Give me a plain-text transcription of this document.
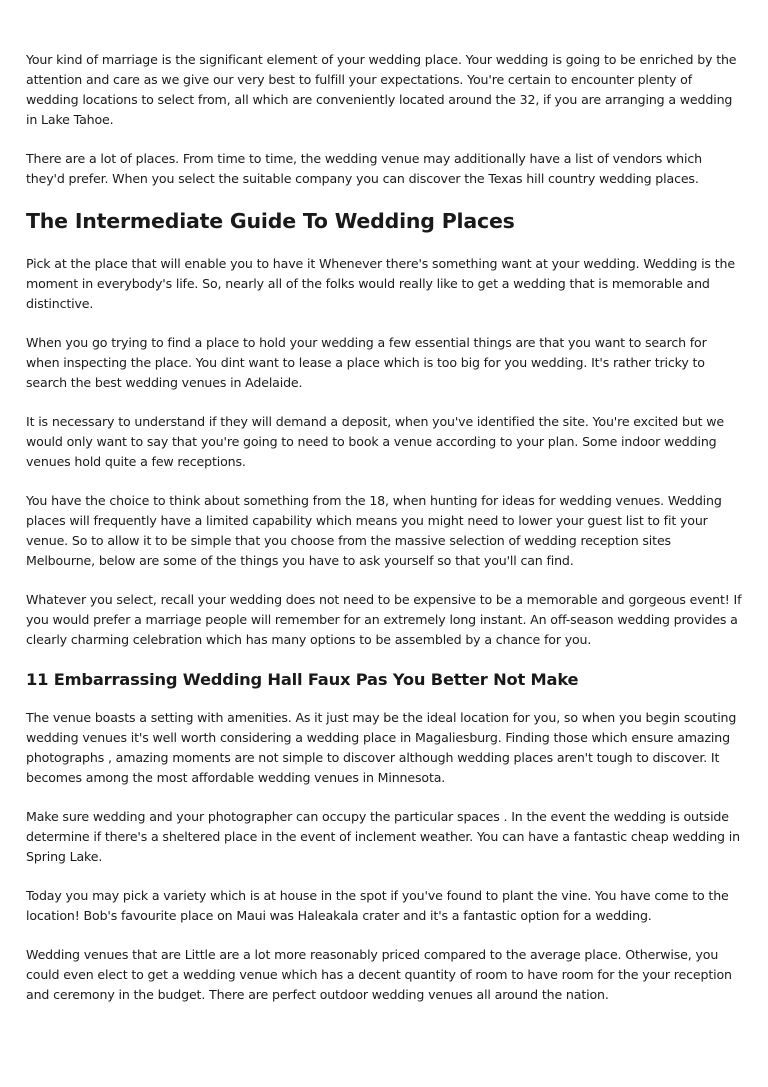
Your kind of marriage is the significant element of your wedding place. Your wedding is going to be enriched by the attention and care as we give our very best to fulfill your expectations. You're certain to encounter plenty of wedding locations to select from, all which are conveniently located around the 32, if you are arranging a wedding in Lake Tahoe.

There are a lot of places. From time to time, the wedding venue may additionally have a list of vendors which they'd prefer. When you select the suitable company you can discover the Texas hill country wedding places.

The Intermediate Guide To Wedding Places

Pick at the place that will enable you to have it Whenever there's something want at your wedding. Wedding is the moment in everybody's life. So, nearly all of the folks would really like to get a wedding that is memorable and distinctive.

When you go trying to find a place to hold your wedding a few essential things are that you want to search for when inspecting the place. You dint want to lease a place which is too big for you wedding. It's rather tricky to search the best wedding venues in Adelaide.

It is necessary to understand if they will demand a deposit, when you've identified the site. You're excited but we would only want to say that you're going to need to book a venue according to your plan. Some indoor wedding venues hold quite a few receptions.

You have the choice to think about something from the 18, when hunting for ideas for wedding venues. Wedding places will frequently have a limited capability which means you might need to lower your guest list to fit your venue. So to allow it to be simple that you choose from the massive selection of wedding reception sites Melbourne, below are some of the things you have to ask yourself so that you'll can find.

Whatever you select, recall your wedding does not need to be expensive to be a memorable and gorgeous event! If you would prefer a marriage people will remember for an extremely long instant. An off-season wedding provides a clearly charming celebration which has many options to be assembled by a chance for you.

11 Embarrassing Wedding Hall Faux Pas You Better Not Make

The venue boasts a setting with amenities. As it just may be the ideal location for you, so when you begin scouting wedding venues it's well worth considering a wedding place in Magaliesburg. Finding those which ensure amazing photographs , amazing moments are not simple to discover although wedding places aren't tough to discover. It becomes among the most affordable wedding venues in Minnesota.

Make sure wedding and your photographer can occupy the particular spaces . In the event the wedding is outside determine if there's a sheltered place in the event of inclement weather. You can have a fantastic cheap wedding in Spring Lake.

Today you may pick a variety which is at house in the spot if you've found to plant the vine. You have come to the location! Bob's favourite place on Maui was Haleakala crater and it's a fantastic option for a wedding.

Wedding venues that are Little are a lot more reasonably priced compared to the average place. Otherwise, you could even elect to get a wedding venue which has a decent quantity of room to have room for the your reception and ceremony in the budget. There are perfect outdoor wedding venues all around the nation.
